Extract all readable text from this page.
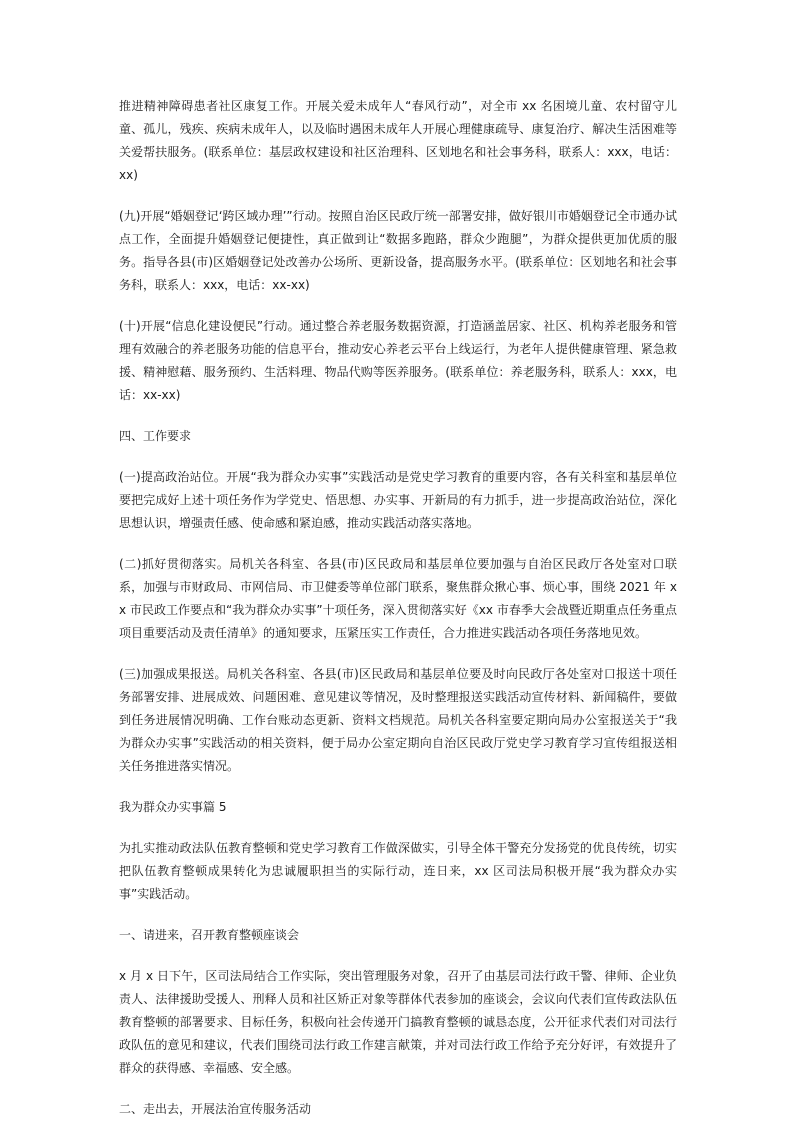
推进精神障碍患者社区康复工作。开展关爱未成年人“春风行动”，对全市 xx 名困境儿童、农村留守儿童、孤儿，残疾、疾病未成年人，以及临时遇困未成年人开展心理健康疏导、康复治疗、解决生活困难等关爱帮扶服务。(联系单位：基层政权建设和社区治理科、区划地名和社会事务科，联系人：xxx，电话：xx)

(九)开展“婚姻登记‘跨区域办理’”行动。按照自治区民政厅统一部署安排，做好银川市婚姻登记全市通办试点工作，全面提升婚姻登记便捷性，真正做到让“数据多跑路，群众少跑腿”，为群众提供更加优质的服务。指导各县(市)区婚姻登记处改善办公场所、更新设备，提高服务水平。(联系单位：区划地名和社会事务科，联系人：xxx，电话：xx-xx)

(十)开展“信息化建设便民”行动。通过整合养老服务数据资源，打造涵盖居家、社区、机构养老服务和管理有效融合的养老服务功能的信息平台，推动安心养老云平台上线运行，为老年人提供健康管理、紧急救援、精神慰藉、服务预约、生活料理、物品代购等医养服务。(联系单位：养老服务科，联系人：xxx，电话：xx-xx)

四、工作要求

(一)提高政治站位。开展“我为群众办实事”实践活动是党史学习教育的重要内容，各有关科室和基层单位要把完成好上述十项任务作为学党史、悟思想、办实事、开新局的有力抓手，进一步提高政治站位，深化思想认识，增强责任感、使命感和紧迫感，推动实践活动落实落地。

(二)抓好贯彻落实。局机关各科室、各县(市)区民政局和基层单位要加强与自治区民政厅各处室对口联系，加强与市财政局、市网信局、市卫健委等单位部门联系，聚焦群众揪心事、烦心事，围绕 2021 年 xx 市民政工作要点和“我为群众办实事”十项任务，深入贯彻落实好《xx 市春季大会战暨近期重点任务重点项目重要活动及责任清单》的通知要求，压紧压实工作责任，合力推进实践活动各项任务落地见效。

(三)加强成果报送。局机关各科室、各县(市)区民政局和基层单位要及时向民政厅各处室对口报送十项任务部署安排、进展成效、问题困难、意见建议等情况，及时整理报送实践活动宣传材料、新闻稿件，要做到任务进展情况明确、工作台账动态更新、资料文档规范。局机关各科室要定期向局办公室报送关于“我为群众办实事”实践活动的相关资料，便于局办公室定期向自治区民政厅党史学习教育学习宣传组报送相关任务推进落实情况。

我为群众办实事篇 5

为扎实推动政法队伍教育整顿和党史学习教育工作做深做实，引导全体干警充分发扬党的优良传统，切实把队伍教育整顿成果转化为忠诚履职担当的实际行动，连日来，xx 区司法局积极开展“我为群众办实事”实践活动。

一、请进来，召开教育整顿座谈会

x 月 x 日下午，区司法局结合工作实际，突出管理服务对象，召开了由基层司法行政干警、律师、企业负责人、法律援助受援人、刑释人员和社区矫正对象等群体代表参加的座谈会，会议向代表们宣传政法队伍教育整顿的部署要求、目标任务，积极向社会传递开门搞教育整顿的诚恳态度，公开征求代表们对司法行政队伍的意见和建议，代表们围绕司法行政工作建言献策，并对司法行政工作给予充分好评，有效提升了群众的获得感、幸福感、安全感。

二、走出去，开展法治宣传服务活动
